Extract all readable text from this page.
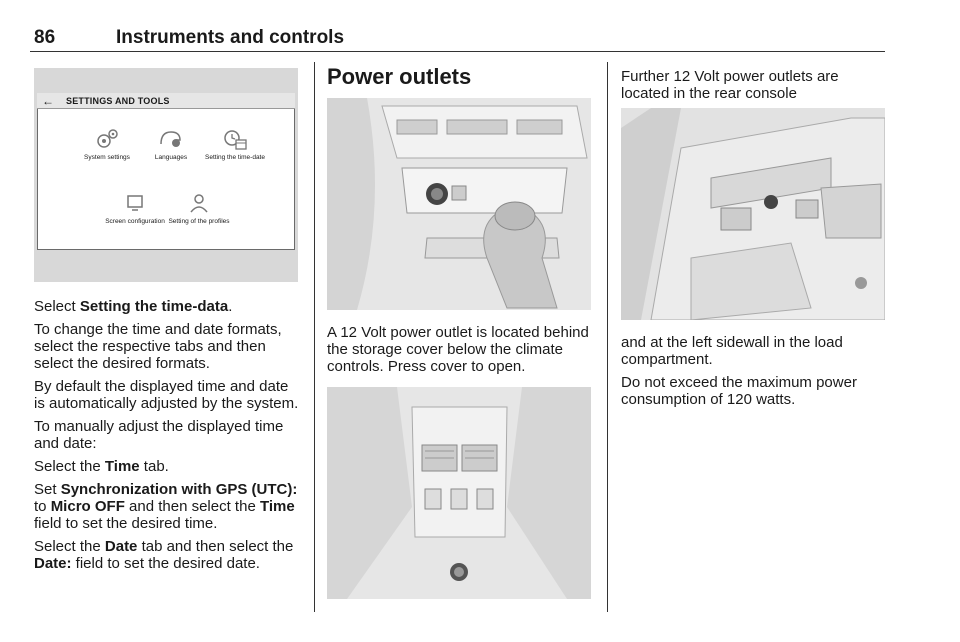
86	Instruments and controls
← SETTINGS AND TOOLS
System settings	Languages	Setting the time-date
Screen configuration Setting of the profiles

Select Setting the time-data.

To change the time and date formats, select the respective tabs and then select the desired formats.

By default the displayed time and date is automatically adjusted by the system.

To manually adjust the displayed time and date:

Select the Time tab.

Set Synchronization with GPS (UTC): to Micro OFF and then select the Time field to set the desired time.

Select the Date tab and then select the Date: field to set the desired date.

Power outlets

A 12 Volt power outlet is located behind the storage cover below the climate controls. Press cover to open.

Further 12 Volt power outlets are located in the rear console

and at the left sidewall in the load compartment.

Do not exceed the maximum power consumption of 120 watts.
